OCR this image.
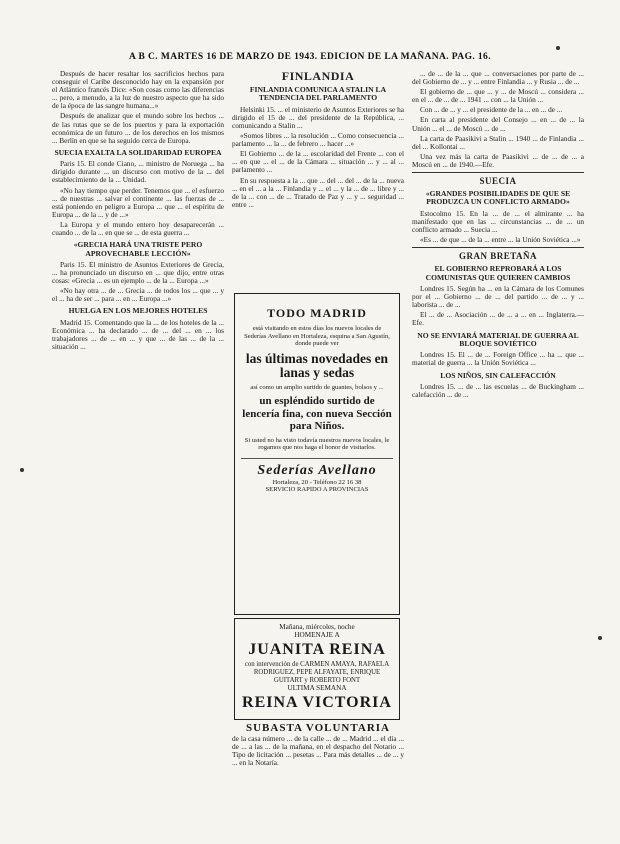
A B C. MARTES 16 DE MARZO DE 1943. EDICION DE LA MAÑANA. PAG. 16.

Después de hacer resaltar los sacrificios hechos para conseguir el Caribe desconocido hay en la expansión por el Atlántico francés Dice: «Son cosas como las diferencias ... pero, a menudo, a la luz de nuestro aspecto que ha sido de la época de las sangre humana...»

Después de analizar que el mundo sobre los hechos ... de las rutas que se de los puertos y para la exportación económica de un futuro ... de los derechos en los mismos ... Berlín en que se ha seguido cerca de Europa.

SUECIA EXALTA LA SOLIDARIDAD EUROPEA

Paris 15. El conde Ciano, ... ministro de Noruega ... ha dirigido durante ... un discurso con motivo de la ... del establecimiento de la ... Unidad.

«No hay tiempo que perder. Tenemos que ... el esfuerzo ... de nuestras ... salvar el continente ... las fuerzas de ... está poniendo en peligro a Europa ... que ... el espíritu de Europa ... de la ... y de ...»

La Europa y el mundo entero hoy desaparecerán ... cuando ... de la ... en que se ... de esta guerra ...

«GRECIA HARÁ UNA TRISTE PERO APROVECHABLE LECCIÓN»

Paris 15. El ministro de Asuntos Exteriores de Grecia, ... ha pronunciado un discurso en ... que dijo, entre otras cosas: «Grecia ... es un ejemplo ... de la ... Europa ...»

«No hay otra ... de ... Grecia ... de todos los ... que ... y el ... ha de ser ... para ... en ... Europa ...»

HUELGA EN LOS MEJORES HOTELES

Madrid 15. Comentando que la ... de los hoteles de la ... Económica ... ha declarado ... de ... del ... en ... los trabajadores ... de ... en ... y que ... de las ... de la ... situación ...

FINLANDIA
FINLANDIA COMUNICA A STALIN LA TENDENCIA DEL PARLAMENTO

Helsinki 15. ... el ministerio de Asuntos Exteriores se ha dirigido el 15 de ... del presidente de la República, ... comunicando a Stalin ...

«Somos libres ... la resolución ... Como consecuencia ... parlamento ... la ... de febrero ... hacer ...»

El Gobierno ... de la ... escolaridad del Frente ... con el ... en que ... el ... de la Cámara ... situación ... y ... al ... parlamento ...

En su respuesta a la ... que ... del ... del ... de la ... nueva ... en el ... a la ... Finlandia y ... el ... y la ... de ... libre y ... de la ... con ... de ... Tratado de Paz y ... y ... seguridad ... entre ...

TODO MADRID
está visitando en estos días los nuevos locales de Sederías Avellano en Hortaleza, esquina a San Agustín, donde puede ver
las últimas novedades en lanas y sedas
así como un amplio surtido de guantes, bolsos y ...
un espléndido surtido de lencería fina, con nueva Sección para Niños.
Si usted no ha visto todavía nuestros nuevos locales, le rogamos que nos haga el honor de visitarlos.
Sederías Avellano
Hortaleza, 20 - Teléfono 22 16 38
SERVICIO RAPIDO A PROVINCIAS
Mañana, miércoles, noche
HOMENAJE A
JUANITA REINA
con intervención de CARMEN AMAYA, RAFAELA RODRIGUEZ, PEPE ALFAYATE, ENRIQUE GUITART y ROBERTO FONT
ULTIMA SEMANA
REINA VICTORIA
SUBASTA VOLUNTARIA
de la casa número ... de la calle ... de ... Madrid ... el día ... de ... a las ... de la mañana, en el despacho del Notario ... Tipo de licitación ... pesetas ... Para más detalles ... de ... y ... en la Notaría.

... de ... de la ... que ... conversaciones por parte de ... del Gobierno de ... y ... entre Finlandia ... y Rusia ... de ...

El gobierno de ... que ... y ... de Moscú ... considera ... en el ... de ... de ... 1941 ... con ... la Unión ...

Con ... de ... y ... el presidente de la ... en ... de ...

En carta al presidente del Consejo ... en ... de ... la Unión ... el ... de Moscú ... de ...

La carta de Paasikivi a Stalin ... 1940 ... de Finlandia ... del ... Kollontai ...

Una vez más la carta de Paasikivi ... de ... de ... a Moscú en ... de 1940.—Efe.

SUECIA
«GRANDES POSIBILIDADES DE QUE SE PRODUZCA UN CONFLICTO ARMADO»

Estocolmo 15. En la ... de ... el almirante ... ha manifestado que en las ... circunstancias ... de ... un conflicto armado ... Suecia ...

«Es ... de que ... de la ... entre ... la Unión Soviética ...»

GRAN BRETAÑA
EL GOBIERNO REPROBARÁ A LOS COMUNISTAS QUE QUIEREN CAMBIOS

Londres 15. Según ha ... en la Cámara de los Comunes por el ... Gobierno ... de ... del partido ... de ... y ... laborista ... de ...

El ... de ... Asociación ... de ... a ... en ... Inglaterra.—Efe.

NO SE ENVIARÁ MATERIAL DE GUERRA AL BLOQUE SOVIÉTICO

Londres 15. El ... de ... Foreign Office ... ha ... que ... material de guerra ... la Unión Soviética ...

LOS NIÑOS, SIN CALEFACCIÓN

Londres 15. ... de ... las escuelas ... de Buckingham ... calefacción ... de ...
